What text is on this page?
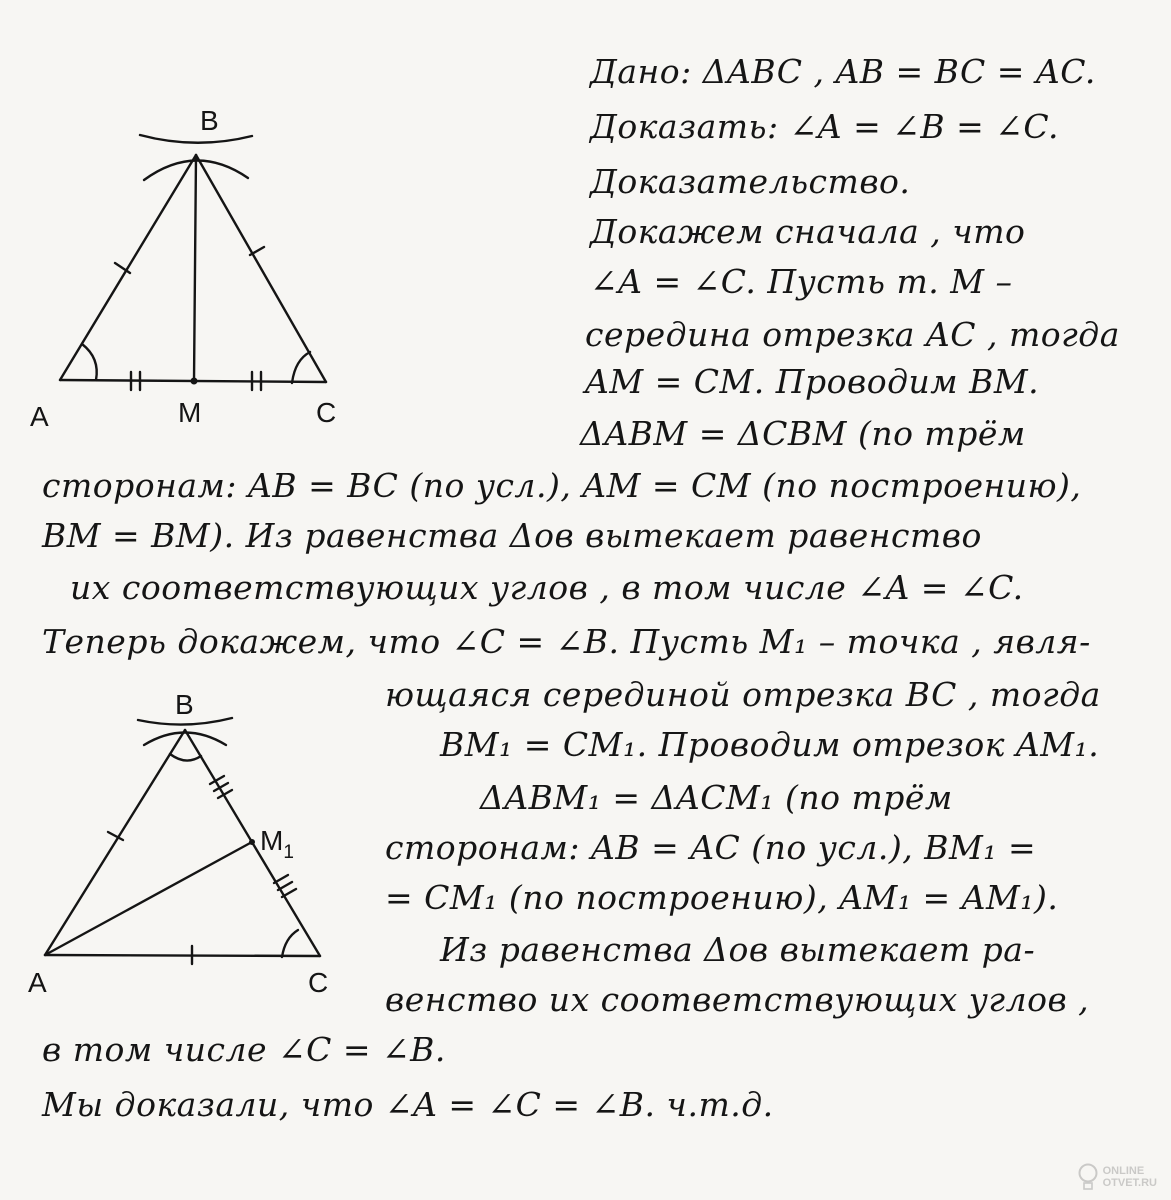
B
A	M	C
B
A	C
$M_1$
Дано: ΔABC , AB = BC = AC.
Доказать: ∠A = ∠B = ∠C.
Доказательство.
Докажем сначала , что
∠A = ∠C. Пусть т. M –
середина отрезка AC , тогда
AM = CM. Проводим BM.
ΔABM = ΔCBM (по трём
сторонам: AB = BC (по усл.), AM = CM (по построению),
BM = BM). Из равенства Δов вытекает равенство
их соответствующих углов , в том числе ∠A = ∠C.
Теперь докажем, что ∠C = ∠B. Пусть M₁ – точка , явля-
ющаяся серединой отрезка BC , тогда
BM₁ = CM₁. Проводим отрезок AM₁.
ΔABM₁ = ΔACM₁ (по трём
сторонам: AB = AC (по усл.), BM₁ =
= CM₁ (по построению), AM₁ = AM₁).
Из равенства Δов вытекает ра-
венство их соответствующих углов ,
в том числе ∠C = ∠B.
Мы доказали, что ∠A = ∠C = ∠B. ч.т.д.
ONLINE
OTVET.RU
